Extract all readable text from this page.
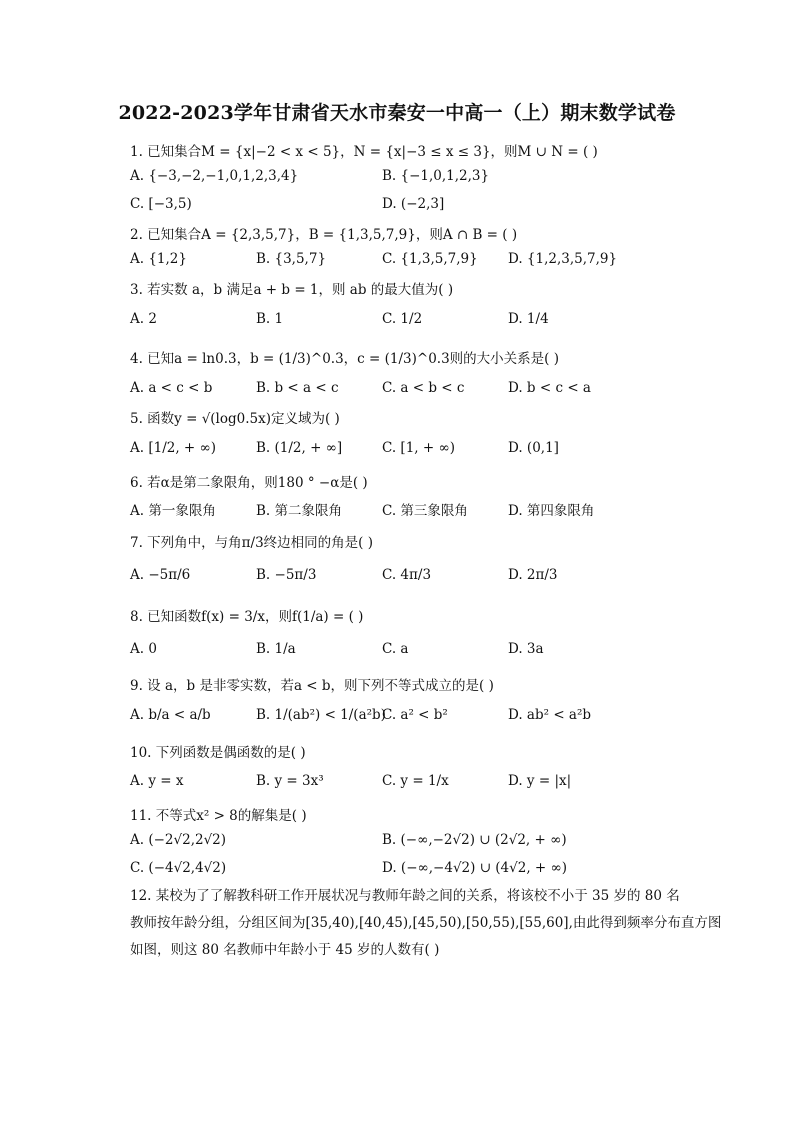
2022-2023学年甘肃省天水市秦安一中高一（上）期末数学试卷
1. 已知集合M = {x|−2 < x < 5}，N = {x|−3 ≤ x ≤ 3}，则M ∪ N = ( )
A. {−3,−2,−1,0,1,2,3,4}	B. {−1,0,1,2,3}
C. [−3,5)	D. (−2,3]
2. 已知集合A = {2,3,5,7}，B = {1,3,5,7,9}，则A ∩ B = ( )
A. {1,2}	B. {3,5,7}	C. {1,3,5,7,9} D. {1,2,3,5,7,9}
3. 若实数 a，b 满足a + b = 1，则 ab 的最大值为( )
A. 2	B. 1	C. 1/2	D. 1/4
4. 已知a = ln0.3，b = (1/3)^0.3，c = (1/3)^0.3则的大小关系是( )
A. a < c < b	B. b < a < c	C. a < b < c	D. b < c < a
5. 函数y = √(log0.5x)定义域为( )
A. [1/2, + ∞)	B. (1/2, + ∞]	C. [1, + ∞)	D. (0,1]
6. 若α是第二象限角，则180 ° −α是( )
A. 第一象限角	B. 第二象限角	C. 第三象限角	D. 第四象限角
7. 下列角中，与角π/3终边相同的角是( )
A. −5π/6	B. −5π/3	C. 4π/3	D. 2π/3
8. 已知函数f(x) = 3/x，则f(1/a) = ( )
A. 0	B. 1/a	C. a	D. 3a
9. 设 a，b 是非零实数，若a < b，则下列不等式成立的是( )
A. b/a < a/b	B. 1/(ab²) < 1/(a²b)
C. a² < b²	D. ab² < a²b
10. 下列函数是偶函数的是( )
A. y = x	B. y = 3x³	C. y = 1/x	D. y = |x|
11. 不等式x² > 8的解集是( )
A. (−2√2,2√2)	B. (−∞,−2√2) ∪ (2√2, + ∞)
C. (−4√2,4√2)	D. (−∞,−4√2) ∪ (4√2, + ∞)
12. 某校为了了解教科研工作开展状况与教师年龄之间的关系，将该校不小于 35 岁的 80 名
教师按年龄分组，分组区间为[35,40),[40,45),[45,50),[50,55),[55,60],由此得到频率分布直方图
如图，则这 80 名教师中年龄小于 45 岁的人数有( )
